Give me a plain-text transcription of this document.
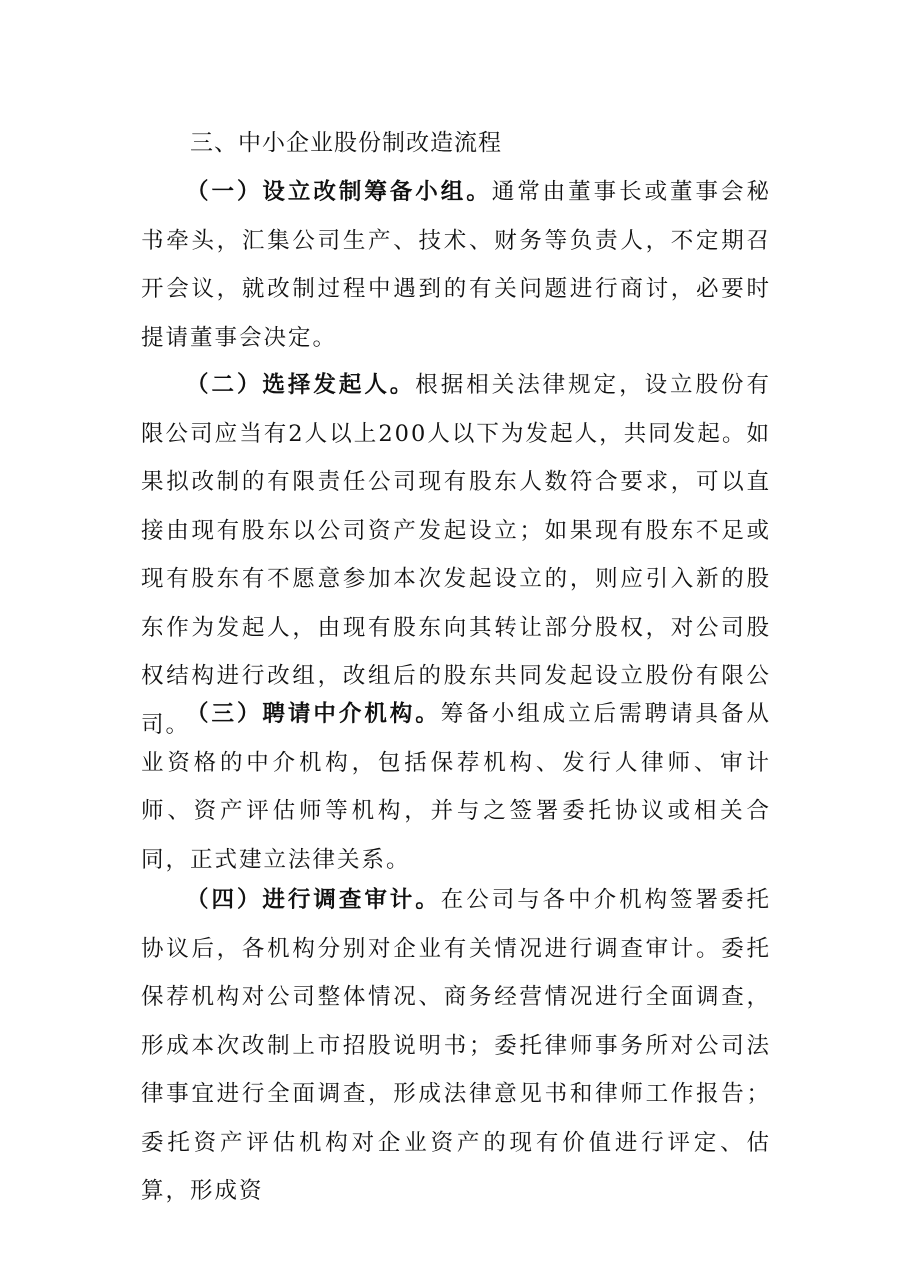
三、中小企业股份制改造流程

（一）设立改制筹备小组。通常由董事长或董事会秘书牵头，汇集公司生产、技术、财务等负责人，不定期召开会议，就改制过程中遇到的有关问题进行商讨，必要时提请董事会决定。

（二）选择发起人。根据相关法律规定，设立股份有限公司应当有2人以上200人以下为发起人，共同发起。如果拟改制的有限责任公司现有股东人数符合要求，可以直接由现有股东以公司资产发起设立；如果现有股东不足或现有股东有不愿意参加本次发起设立的，则应引入新的股东作为发起人，由现有股东向其转让部分股权，对公司股权结构进行改组，改组后的股东共同发起设立股份有限公司。

（三）聘请中介机构。筹备小组成立后需聘请具备从业资格的中介机构，包括保荐机构、发行人律师、审计师、资产评估师等机构，并与之签署委托协议或相关合同，正式建立法律关系。

（四）进行调查审计。在公司与各中介机构签署委托协议后，各机构分别对企业有关情况进行调查审计。委托保荐机构对公司整体情况、商务经营情况进行全面调查，形成本次改制上市招股说明书；委托律师事务所对公司法律事宜进行全面调查，形成法律意见书和律师工作报告；委托资产评估机构对企业资产的现有价值进行评定、估算，形成资
